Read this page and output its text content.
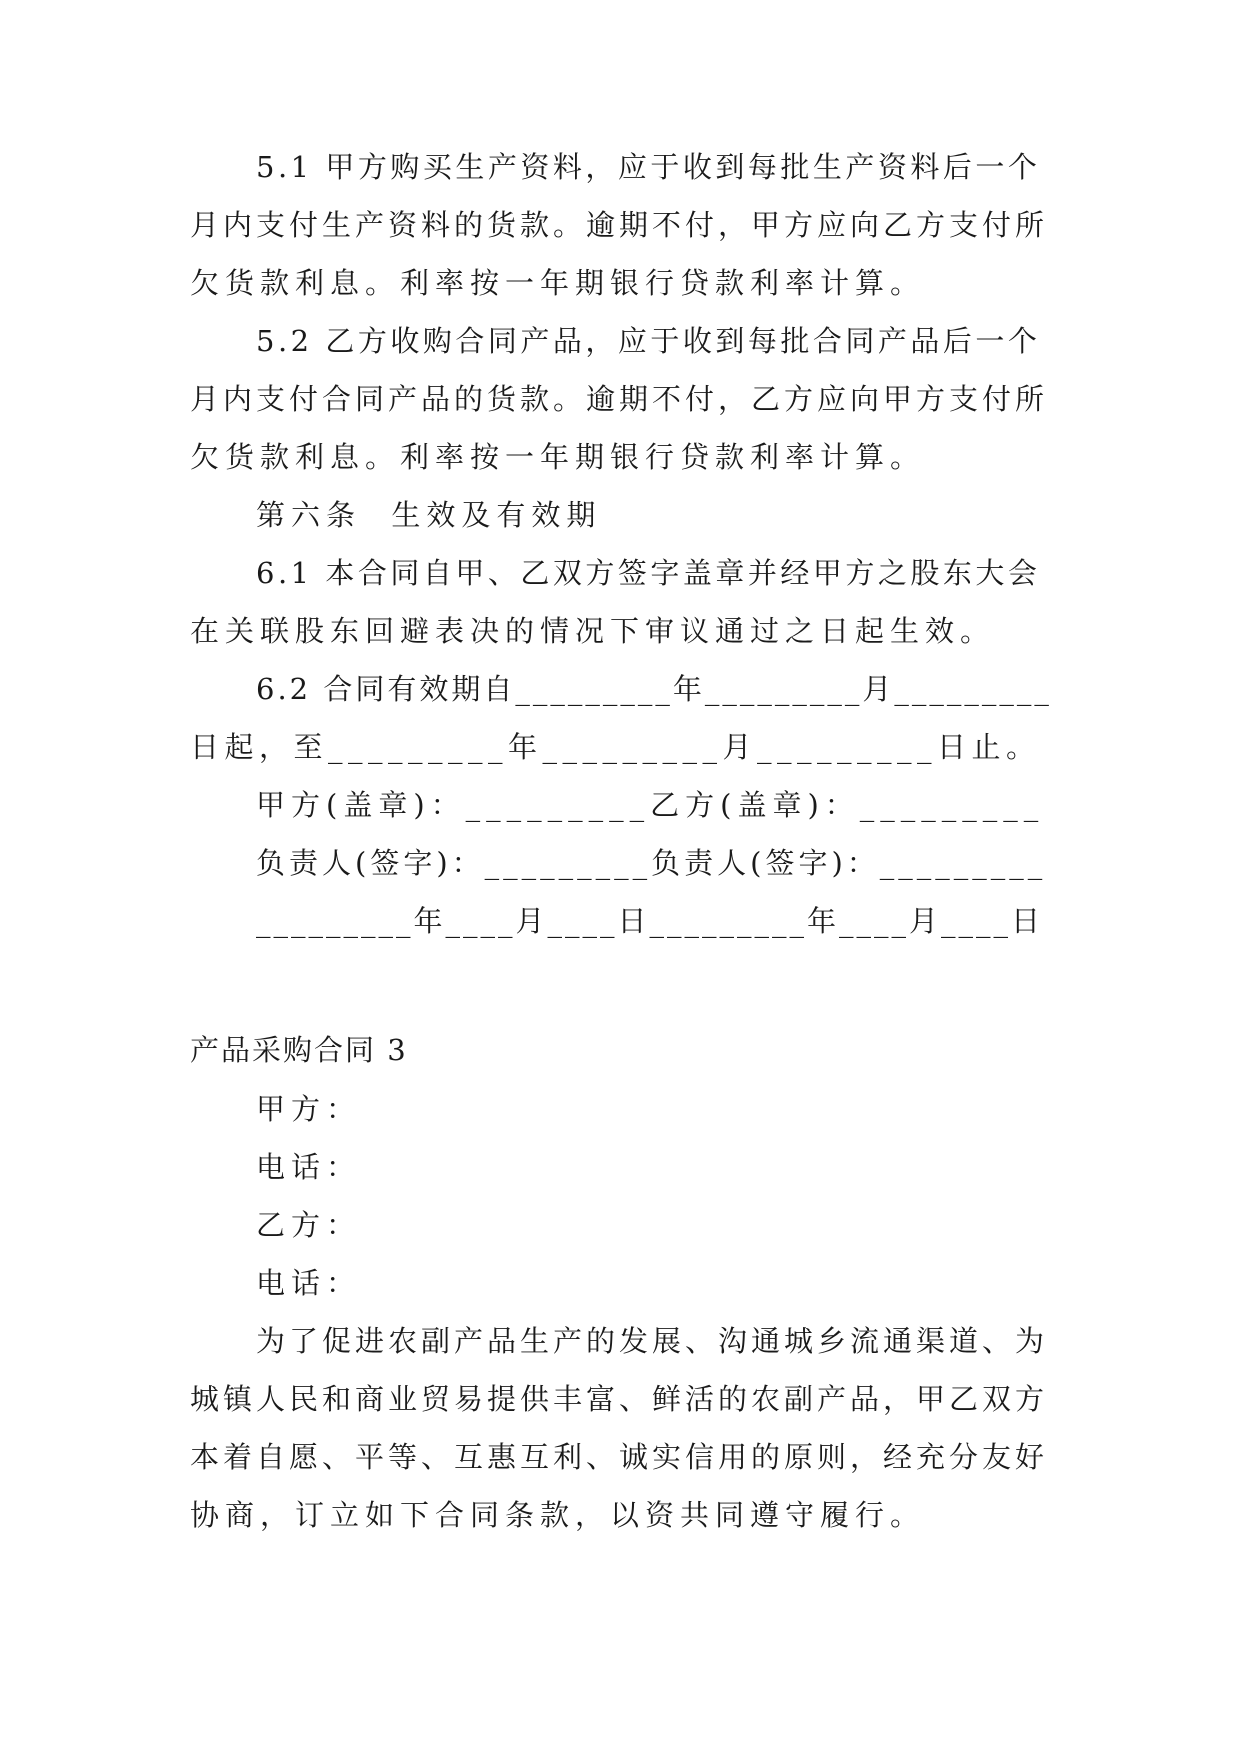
5.1 甲方购买生产资料，应于收到每批生产资料后一个
月内支付生产资料的货款。逾期不付，甲方应向乙方支付所
欠货款利息。利率按一年期银行贷款利率计算。
5.2 乙方收购合同产品，应于收到每批合同产品后一个
月内支付合同产品的货款。逾期不付，乙方应向甲方支付所
欠货款利息。利率按一年期银行贷款利率计算。
第六条  生效及有效期
6.1 本合同自甲、乙双方签字盖章并经甲方之股东大会
在关联股东回避表决的情况下审议通过之日起生效。
6.2 合同有效期自_________年_________月_________
日起，至_________年_________月_________日止。
甲方(盖章)：_________乙方(盖章)：_________
负责人(签字)：_________负责人(签字)：_________
_________年____月____日_________年____月____日
产品采购合同 3
甲方：
电话：
乙方：
电话：
为了促进农副产品生产的发展、沟通城乡流通渠道、为
城镇人民和商业贸易提供丰富、鲜活的农副产品，甲乙双方
本着自愿、平等、互惠互利、诚实信用的原则，经充分友好
协商，订立如下合同条款，以资共同遵守履行。
